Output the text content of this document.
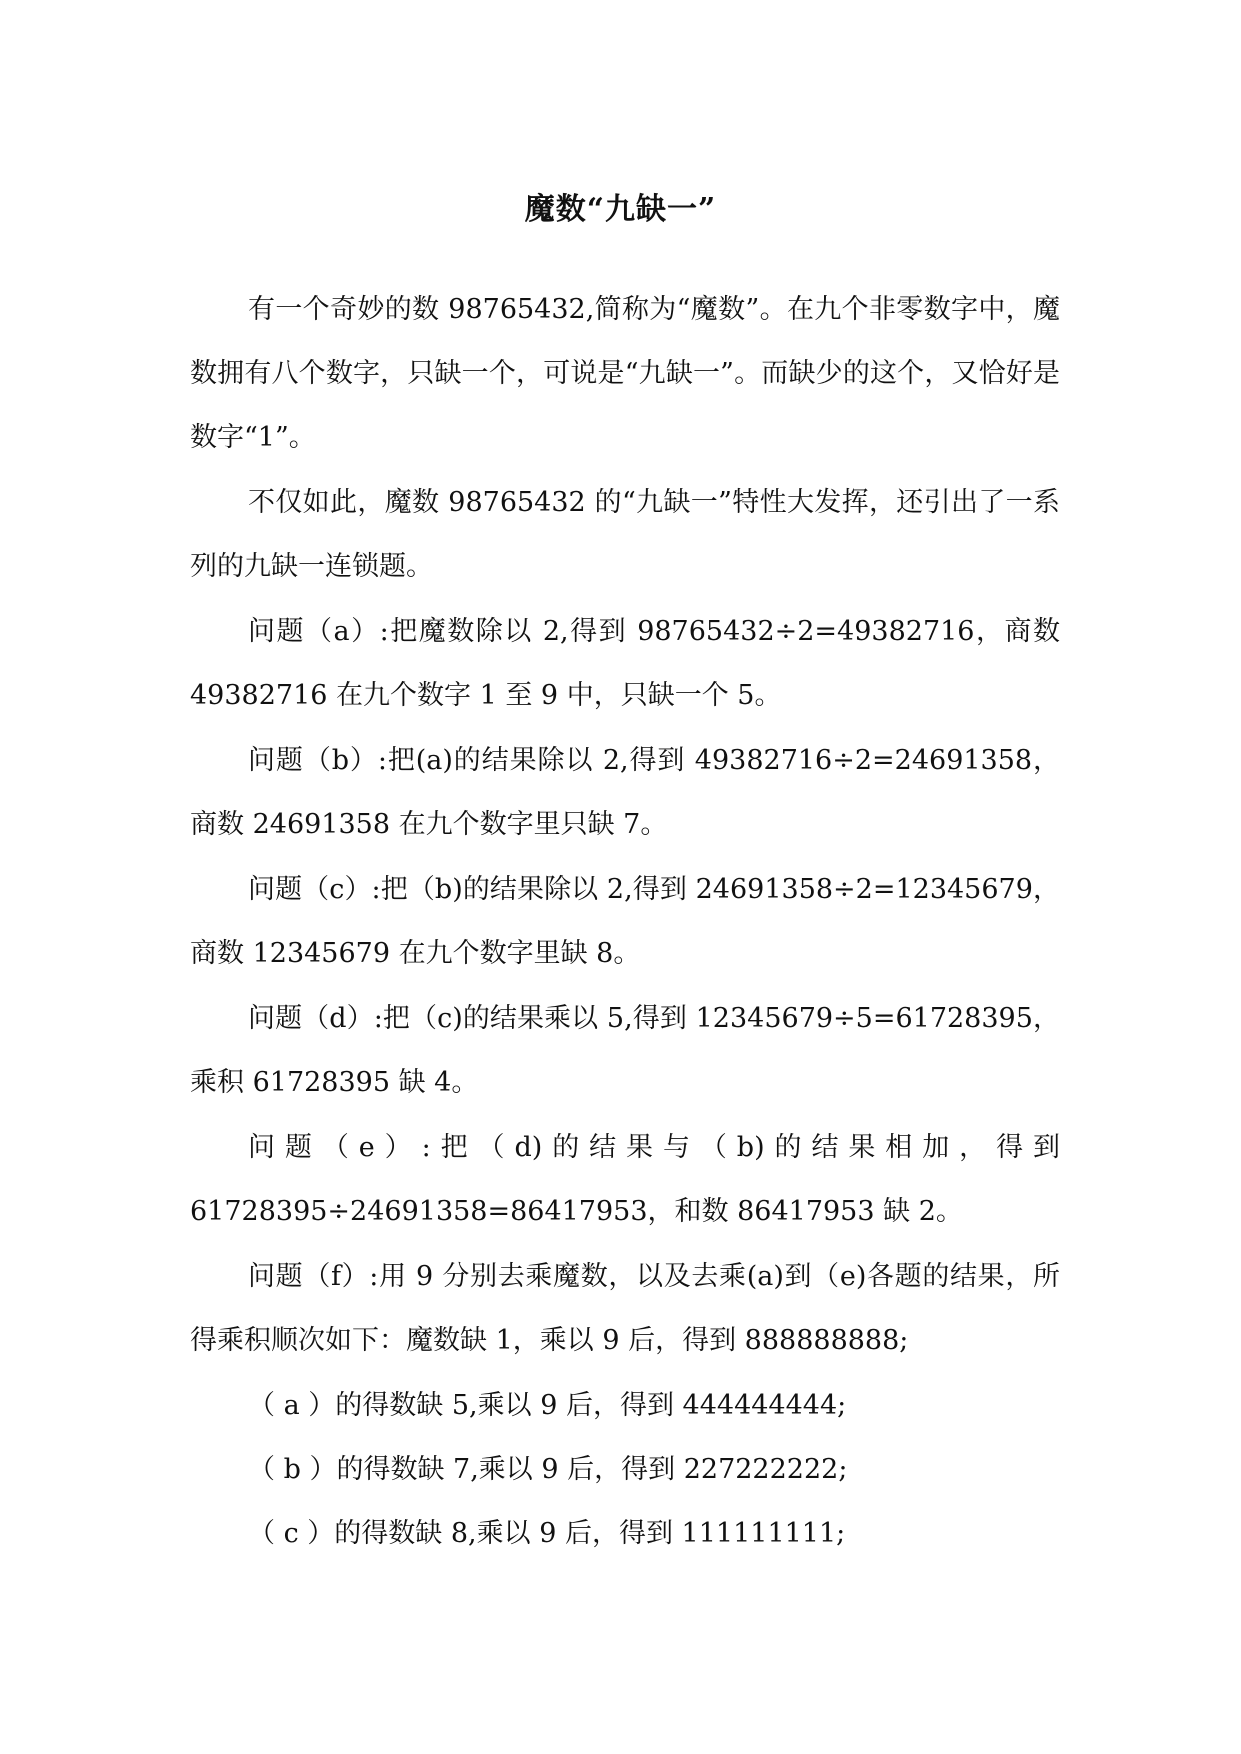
魔数“九缺一”

有一个奇妙的数 98765432,简称为“魔数”。在九个非零数字中，魔数拥有八个数字，只缺一个，可说是“九缺一”。而缺少的这个，又恰好是数字“1”。

不仅如此，魔数 98765432 的“九缺一”特性大发挥，还引出了一系列的九缺一连锁题。

问题（a）:把魔数除以 2,得到 98765432÷2=49382716，商数 49382716 在九个数字 1 至 9 中，只缺一个 5。

问题（b）:把(a)的结果除以 2,得到 49382716÷2=24691358，商数 24691358 在九个数字里只缺 7。

问题（c）:把（b)的结果除以 2,得到 24691358÷2=12345679，商数 12345679 在九个数字里缺 8。

问题（d）:把（c)的结果乘以 5,得到 12345679÷5=61728395，乘积 61728395 缺 4。

问题（e）:把（d)的结果与（b)的结果相加，得到 61728395÷24691358=86417953，和数 86417953 缺 2。

问题（f）:用 9 分别去乘魔数，以及去乘(a)到（e)各题的结果，所得乘积顺次如下：魔数缺 1，乘以 9 后，得到 888888888;

（ a ）的得数缺 5,乘以 9 后，得到 444444444;

（ b ）的得数缺 7,乘以 9 后，得到 227222222;

（ c ）的得数缺 8,乘以 9 后，得到 111111111;
